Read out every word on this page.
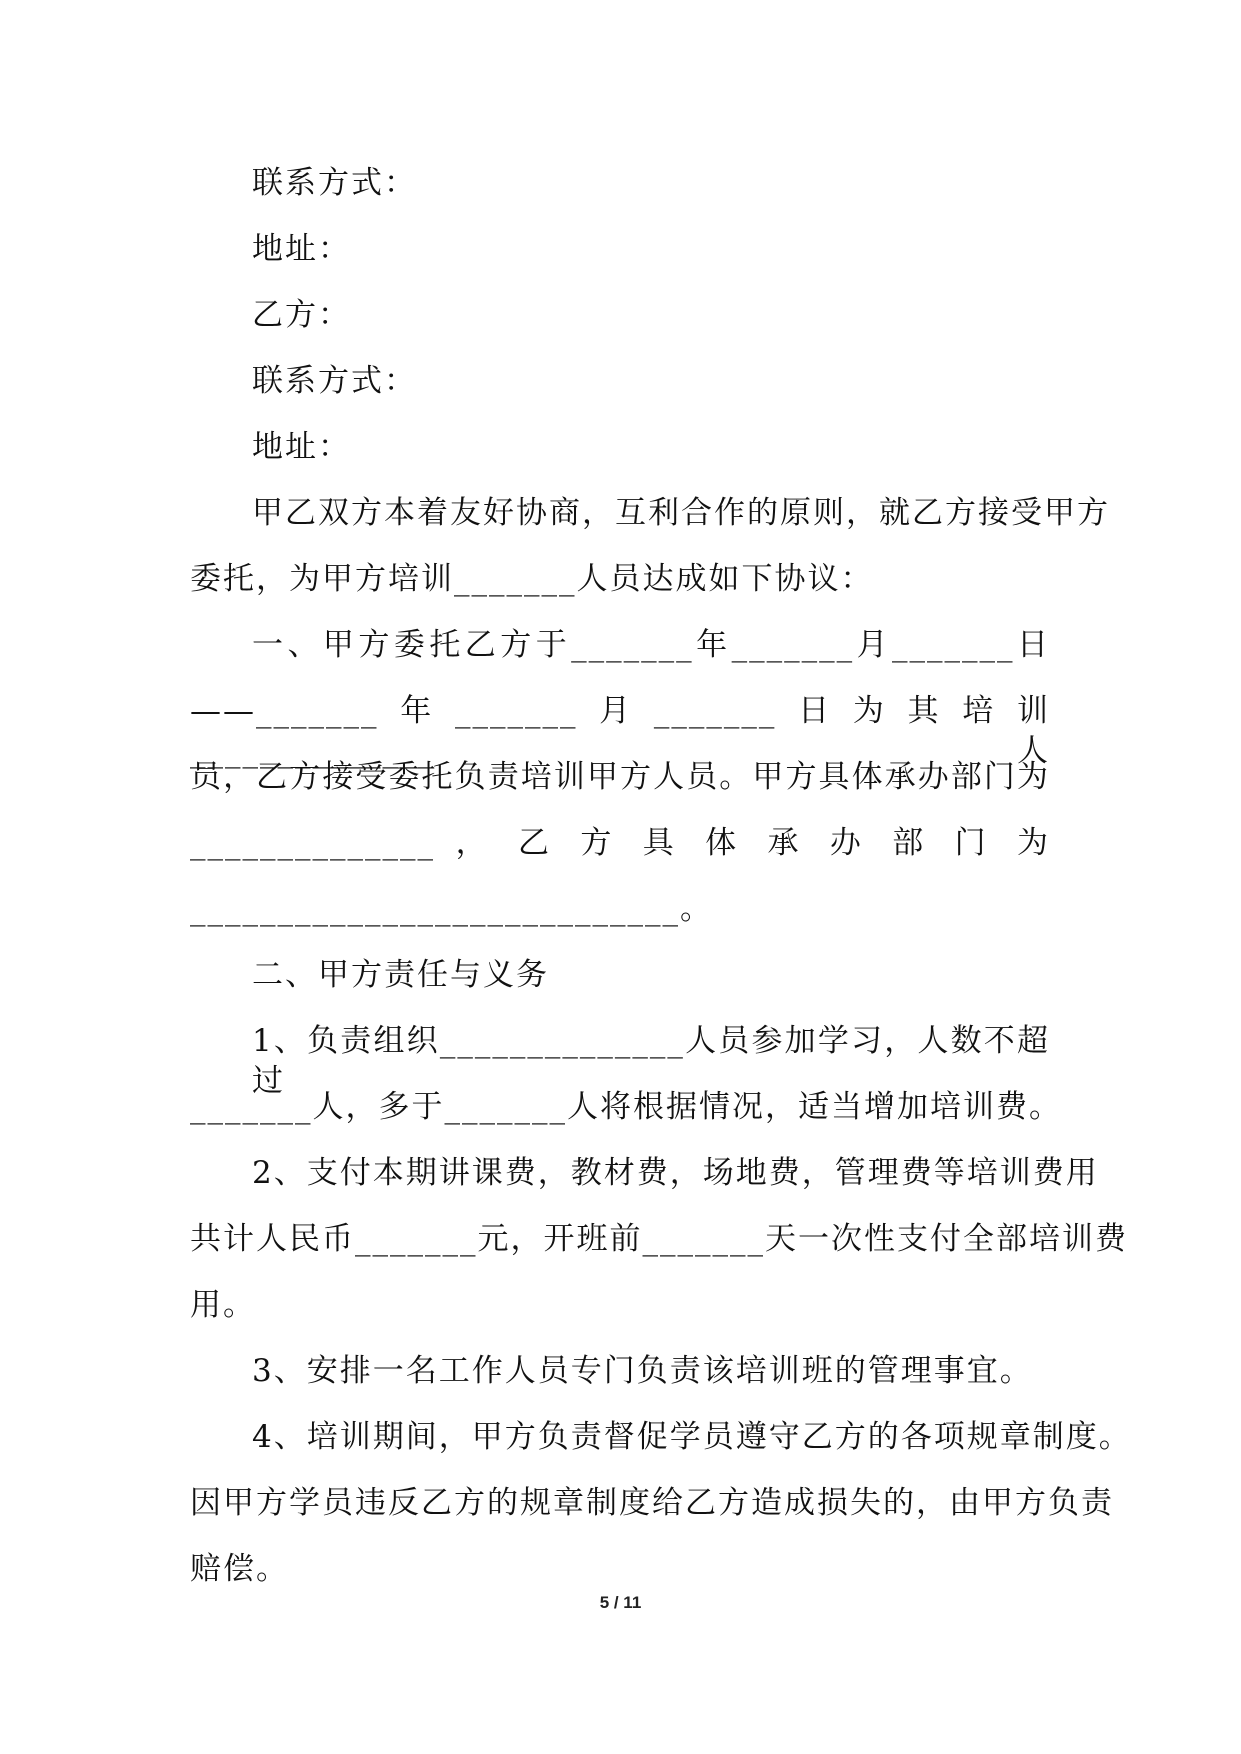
联系方式：
地址：
乙方：
联系方式：
地址：
甲乙双方本着友好协商，互利合作的原则，就乙方接受甲方
委托，为甲方培训_______人员达成如下协议：
一、甲方委托乙方于_______年_______月_______日
——_______年_______月_______日为其培训______________人
员，乙方接受委托负责培训甲方人员。甲方具体承办部门为
______________ ， 乙 方 具 体 承 办 部 门 为
____________________________。
二、甲方责任与义务
1、负责组织______________人员参加学习，人数不超过
_______人，多于_______人将根据情况，适当增加培训费。
2、支付本期讲课费，教材费，场地费，管理费等培训费用
共计人民币_______元，开班前_______天一次性支付全部培训费
用。
3、安排一名工作人员专门负责该培训班的管理事宜。
4、培训期间，甲方负责督促学员遵守乙方的各项规章制度。
因甲方学员违反乙方的规章制度给乙方造成损失的，由甲方负责
赔偿。
5 / 11
